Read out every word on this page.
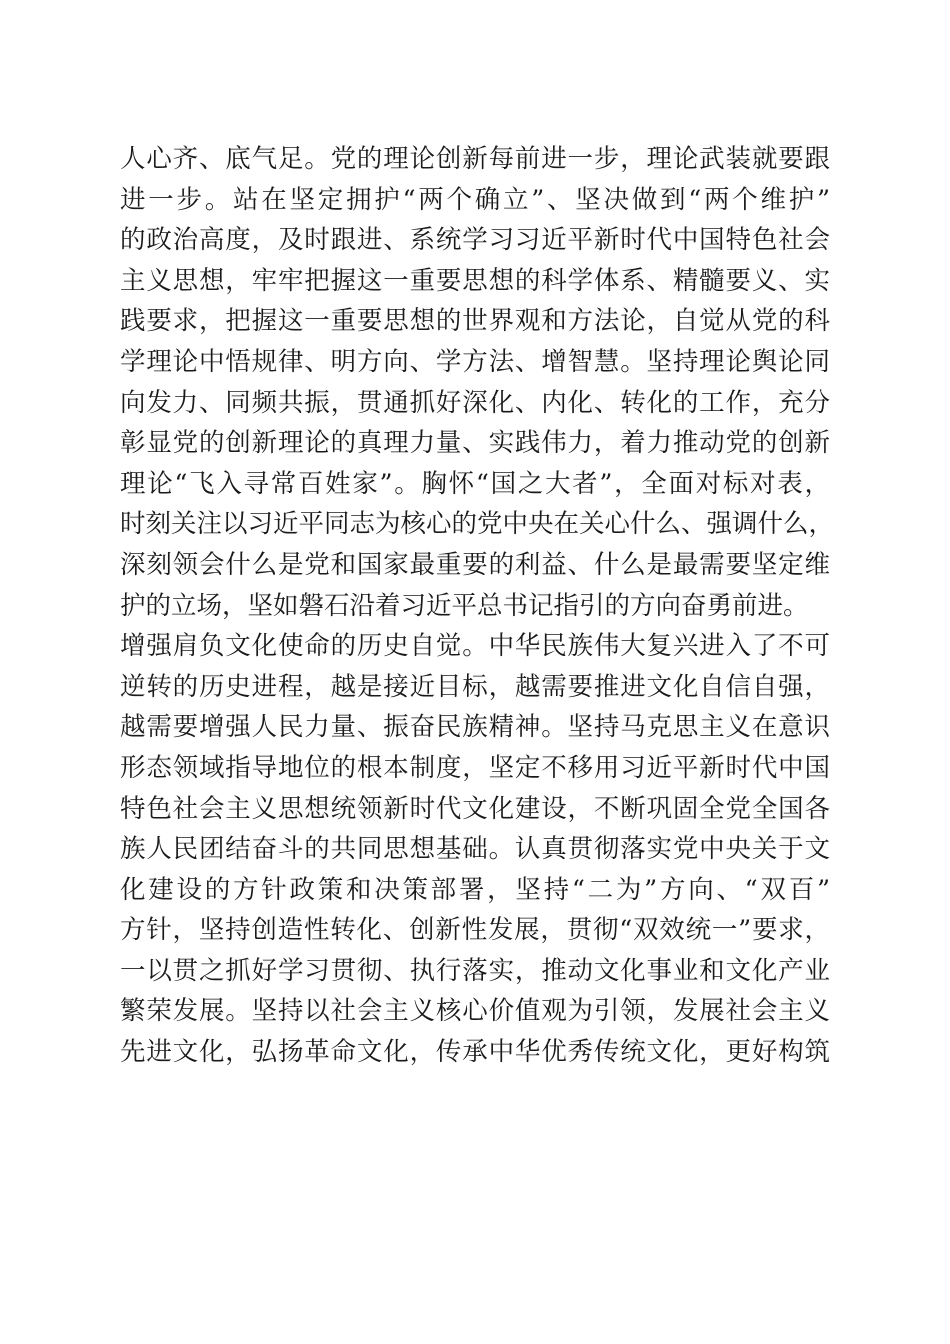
人心齐、底气足。党的理论创新每前进一步，理论武装就要跟
进一步。站在坚定拥护“两个确立”、坚决做到“两个维护”
的政治高度，及时跟进、系统学习习近平新时代中国特色社会
主义思想，牢牢把握这一重要思想的科学体系、精髓要义、实
践要求，把握这一重要思想的世界观和方法论，自觉从党的科
学理论中悟规律、明方向、学方法、增智慧。坚持理论舆论同
向发力、同频共振，贯通抓好深化、内化、转化的工作，充分
彰显党的创新理论的真理力量、实践伟力，着力推动党的创新
理论“飞入寻常百姓家”。胸怀“国之大者”，全面对标对表，
时刻关注以习近平同志为核心的党中央在关心什么、强调什么，
深刻领会什么是党和国家最重要的利益、什么是最需要坚定维
护的立场，坚如磐石沿着习近平总书记指引的方向奋勇前进。
增强肩负文化使命的历史自觉。中华民族伟大复兴进入了不可
逆转的历史进程，越是接近目标，越需要推进文化自信自强，
越需要增强人民力量、振奋民族精神。坚持马克思主义在意识
形态领域指导地位的根本制度，坚定不移用习近平新时代中国
特色社会主义思想统领新时代文化建设，不断巩固全党全国各
族人民团结奋斗的共同思想基础。认真贯彻落实党中央关于文
化建设的方针政策和决策部署，坚持“二为”方向、“双百”
方针，坚持创造性转化、创新性发展，贯彻“双效统一”要求，
一以贯之抓好学习贯彻、执行落实，推动文化事业和文化产业
繁荣发展。坚持以社会主义核心价值观为引领，发展社会主义
先进文化，弘扬革命文化，传承中华优秀传统文化，更好构筑
